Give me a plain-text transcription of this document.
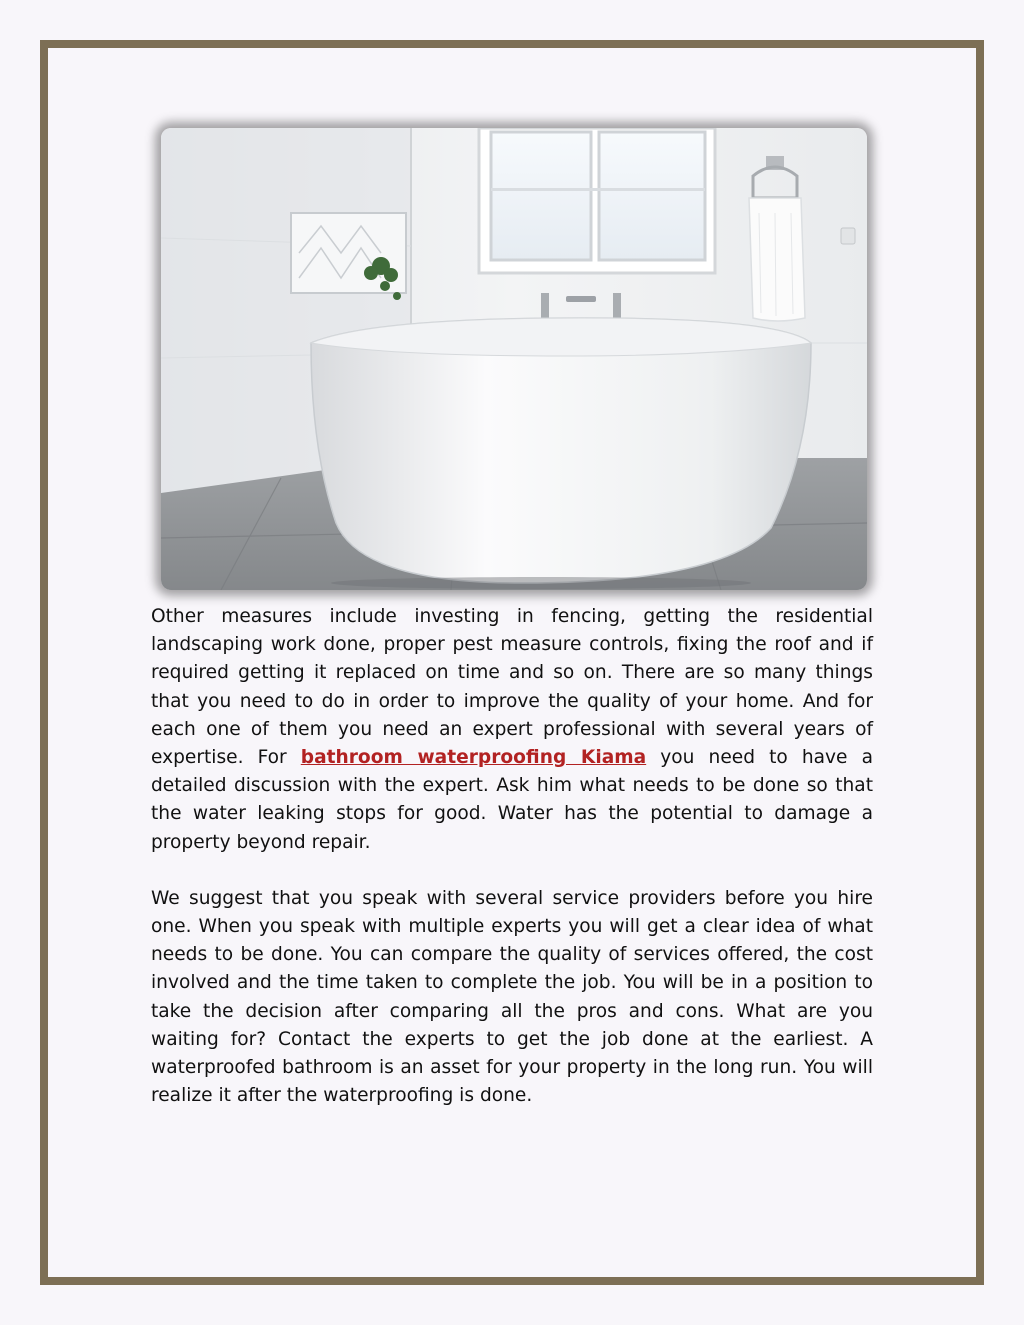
Other measures include investing in fencing, getting the residential landscaping work done, proper pest measure controls, fixing the roof and if required getting it replaced on time and so on. There are so many things that you need to do in order to improve the quality of your home. And for each one of them you need an expert professional with several years of expertise. For bathroom waterproofing Kiama you need to have a detailed discussion with the expert. Ask him what needs to be done so that the water leaking stops for good. Water has the potential to damage a property beyond repair.

We suggest that you speak with several service providers before you hire one. When you speak with multiple experts you will get a clear idea of what needs to be done. You can compare the quality of services offered, the cost involved and the time taken to complete the job. You will be in a position to take the decision after comparing all the pros and cons. What are you waiting for? Contact the experts to get the job done at the earliest. A waterproofed bathroom is an asset for your property in the long run. You will realize it after the waterproofing is done.
